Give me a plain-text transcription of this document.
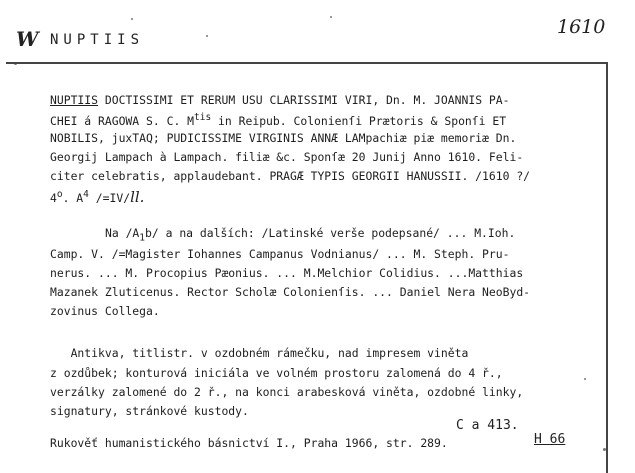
W NUPTIIS
1610
NUPTIIS DOCTISSIMI ET RERUM USU CLARISSIMI VIRI, Dn. M. JOANNIS PA-
CHEI á RAGOWA S. C. $M^{tis}$ in Reipub. Colonienſi Prætoris & Sponſi ET
NOBILIS, juxTAQ; PUDICISSIME VIRGINIS ANNÆ LAMpachiæ piæ memoriæ Dn.
Georgij Lampach à Lampach. filiæ &c. Sponſæ 20 Junij Anno 1610. Feli-
citer celebratis, applaudebant. PRAGÆ TYPIS GEORGII HANUSSII. /1610 ?/
4$^o$. $A^4$ /=IV/ll.
Na $/A_1b/$ a na dalších: /Latinské verše podepsané/ ... M.Ioh.
Camp. V. /=Magister Iohannes Campanus Vodnianus/ ... M. Steph. Pru-
nerus. ... M. Procopius Pæonius. ... M.Melchior Colidius. ...Matthias
Mazanek Zluticenus. Rector Scholæ Colonienſis. ... Daniel Nera NeoByd-
zovinus Collega.
Antikva, titlistr. v ozdobném rámečku, nad impresem viněta
z ozdůbek; konturová iniciála ve volném prostoru zalomená do 4 ř.,
verzálky zalomené do 2 ř., na konci arabesková viněta, ozdobné linky,
signatury, stránkové kustody.
C a 413.
Rukověť humanistického básnictví I., Praha 1966, str. 289.	H 66
